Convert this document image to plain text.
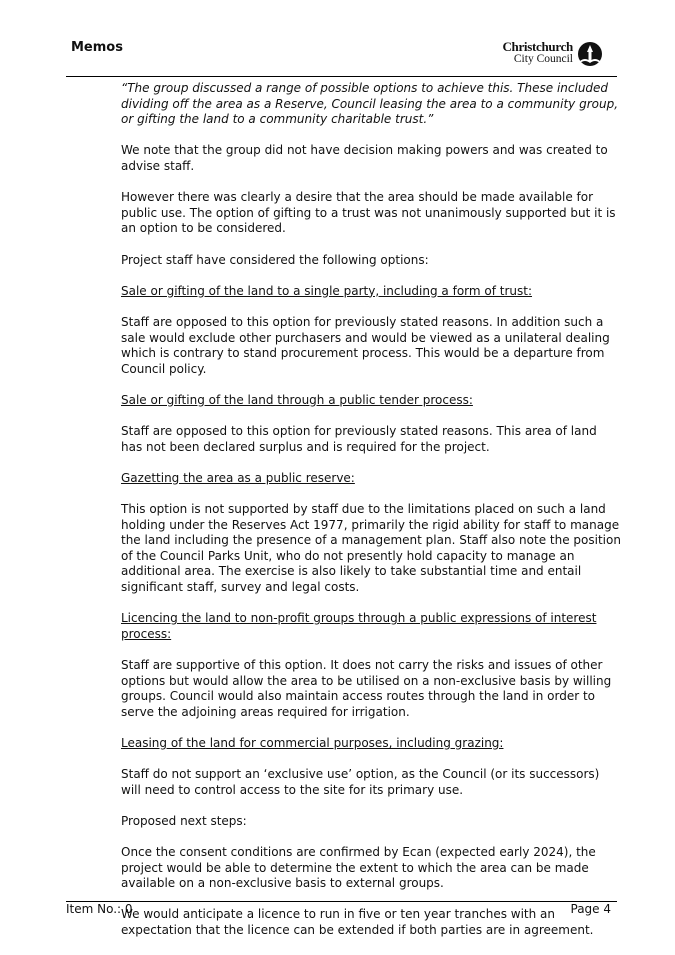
Memos	Christchurch
City Council

“The group discussed a range of possible options to achieve this. These included dividing off the area as a Reserve, Council leasing the area to a community group, or gifting the land to a community charitable trust.”

We note that the group did not have decision making powers and was created to advise staff.

However there was clearly a desire that the area should be made available for public use. The option of gifting to a trust was not unanimously supported but it is an option to be considered.

Project staff have considered the following options:

Sale or gifting of the land to a single party, including a form of trust:

Staff are opposed to this option for previously stated reasons. In addition such a sale would exclude other purchasers and would be viewed as a unilateral dealing which is contrary to stand procurement process. This would be a departure from Council policy.

Sale or gifting of the land through a public tender process:

Staff are opposed to this option for previously stated reasons. This area of land has not been declared surplus and is required for the project.

Gazetting the area as a public reserve:

This option is not supported by staff due to the limitations placed on such a land holding under the Reserves Act 1977, primarily the rigid ability for staff to manage the land including the presence of a management plan. Staff also note the position of the Council Parks Unit, who do not presently hold capacity to manage an additional area. The exercise is also likely to take substantial time and entail significant staff, survey and legal costs.

Licencing the land to non-profit groups through a public expressions of interest process:

Staff are supportive of this option. It does not carry the risks and issues of other options but would allow the area to be utilised on a non-exclusive basis by willing groups. Council would also maintain access routes through the land in order to serve the adjoining areas required for irrigation.

Leasing of the land for commercial purposes, including grazing:

Staff do not support an ‘exclusive use’ option, as the Council (or its successors) will need to control access to the site for its primary use.

Proposed next steps:

Once the consent conditions are confirmed by Ecan (expected early 2024), the project would be able to determine the extent to which the area can be made available on a non-exclusive basis to external groups.

We would anticipate a licence to run in five or ten year tranches with an expectation that the licence can be extended if both parties are in agreement.

Item No.: 0	Page 4
